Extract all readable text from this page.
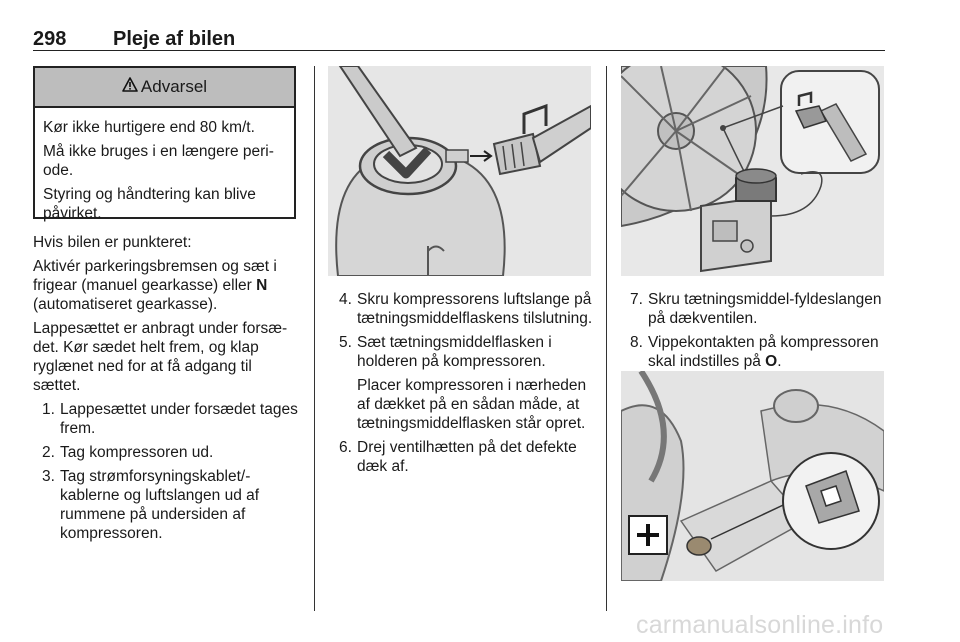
298 Pleje af bilen
Advarsel

Kør ikke hurtigere end 80 km/t.

Må ikke bruges i en længere periode.

Styring og håndtering kan blive påvirket.

Hvis bilen er punkteret:

Aktivér parkeringsbremsen og sæt i frigear (manuel gearkasse) eller N (automatiseret gearkasse).

Lappesættet er anbragt under forsædet. Kør sædet helt frem, og klap ryglænet ned for at få adgang til sættet.

1. Lappesættet under forsædet tages frem.
2. Tag kompressoren ud.
3. Tag strømforsyningskablet/-kablerne og luftslangen ud af rummene på undersiden af kompressoren.
4. Skru kompressorens luftslange på tætningsmiddelflaskens tilslutning.
5. Sæt tætningsmiddelflasken i holderen på kompressoren.

Placer kompressoren i nærheden af dækket på en sådan måde, at tætningsmiddelflasken står opret.

6. Drej ventilhætten på det defekte dæk af.
7. Skru tætningsmiddel-fyldeslangen på dækventilen.
8. Vippekontakten på kompressoren skal indstilles på O.
carmanualsonline.info
